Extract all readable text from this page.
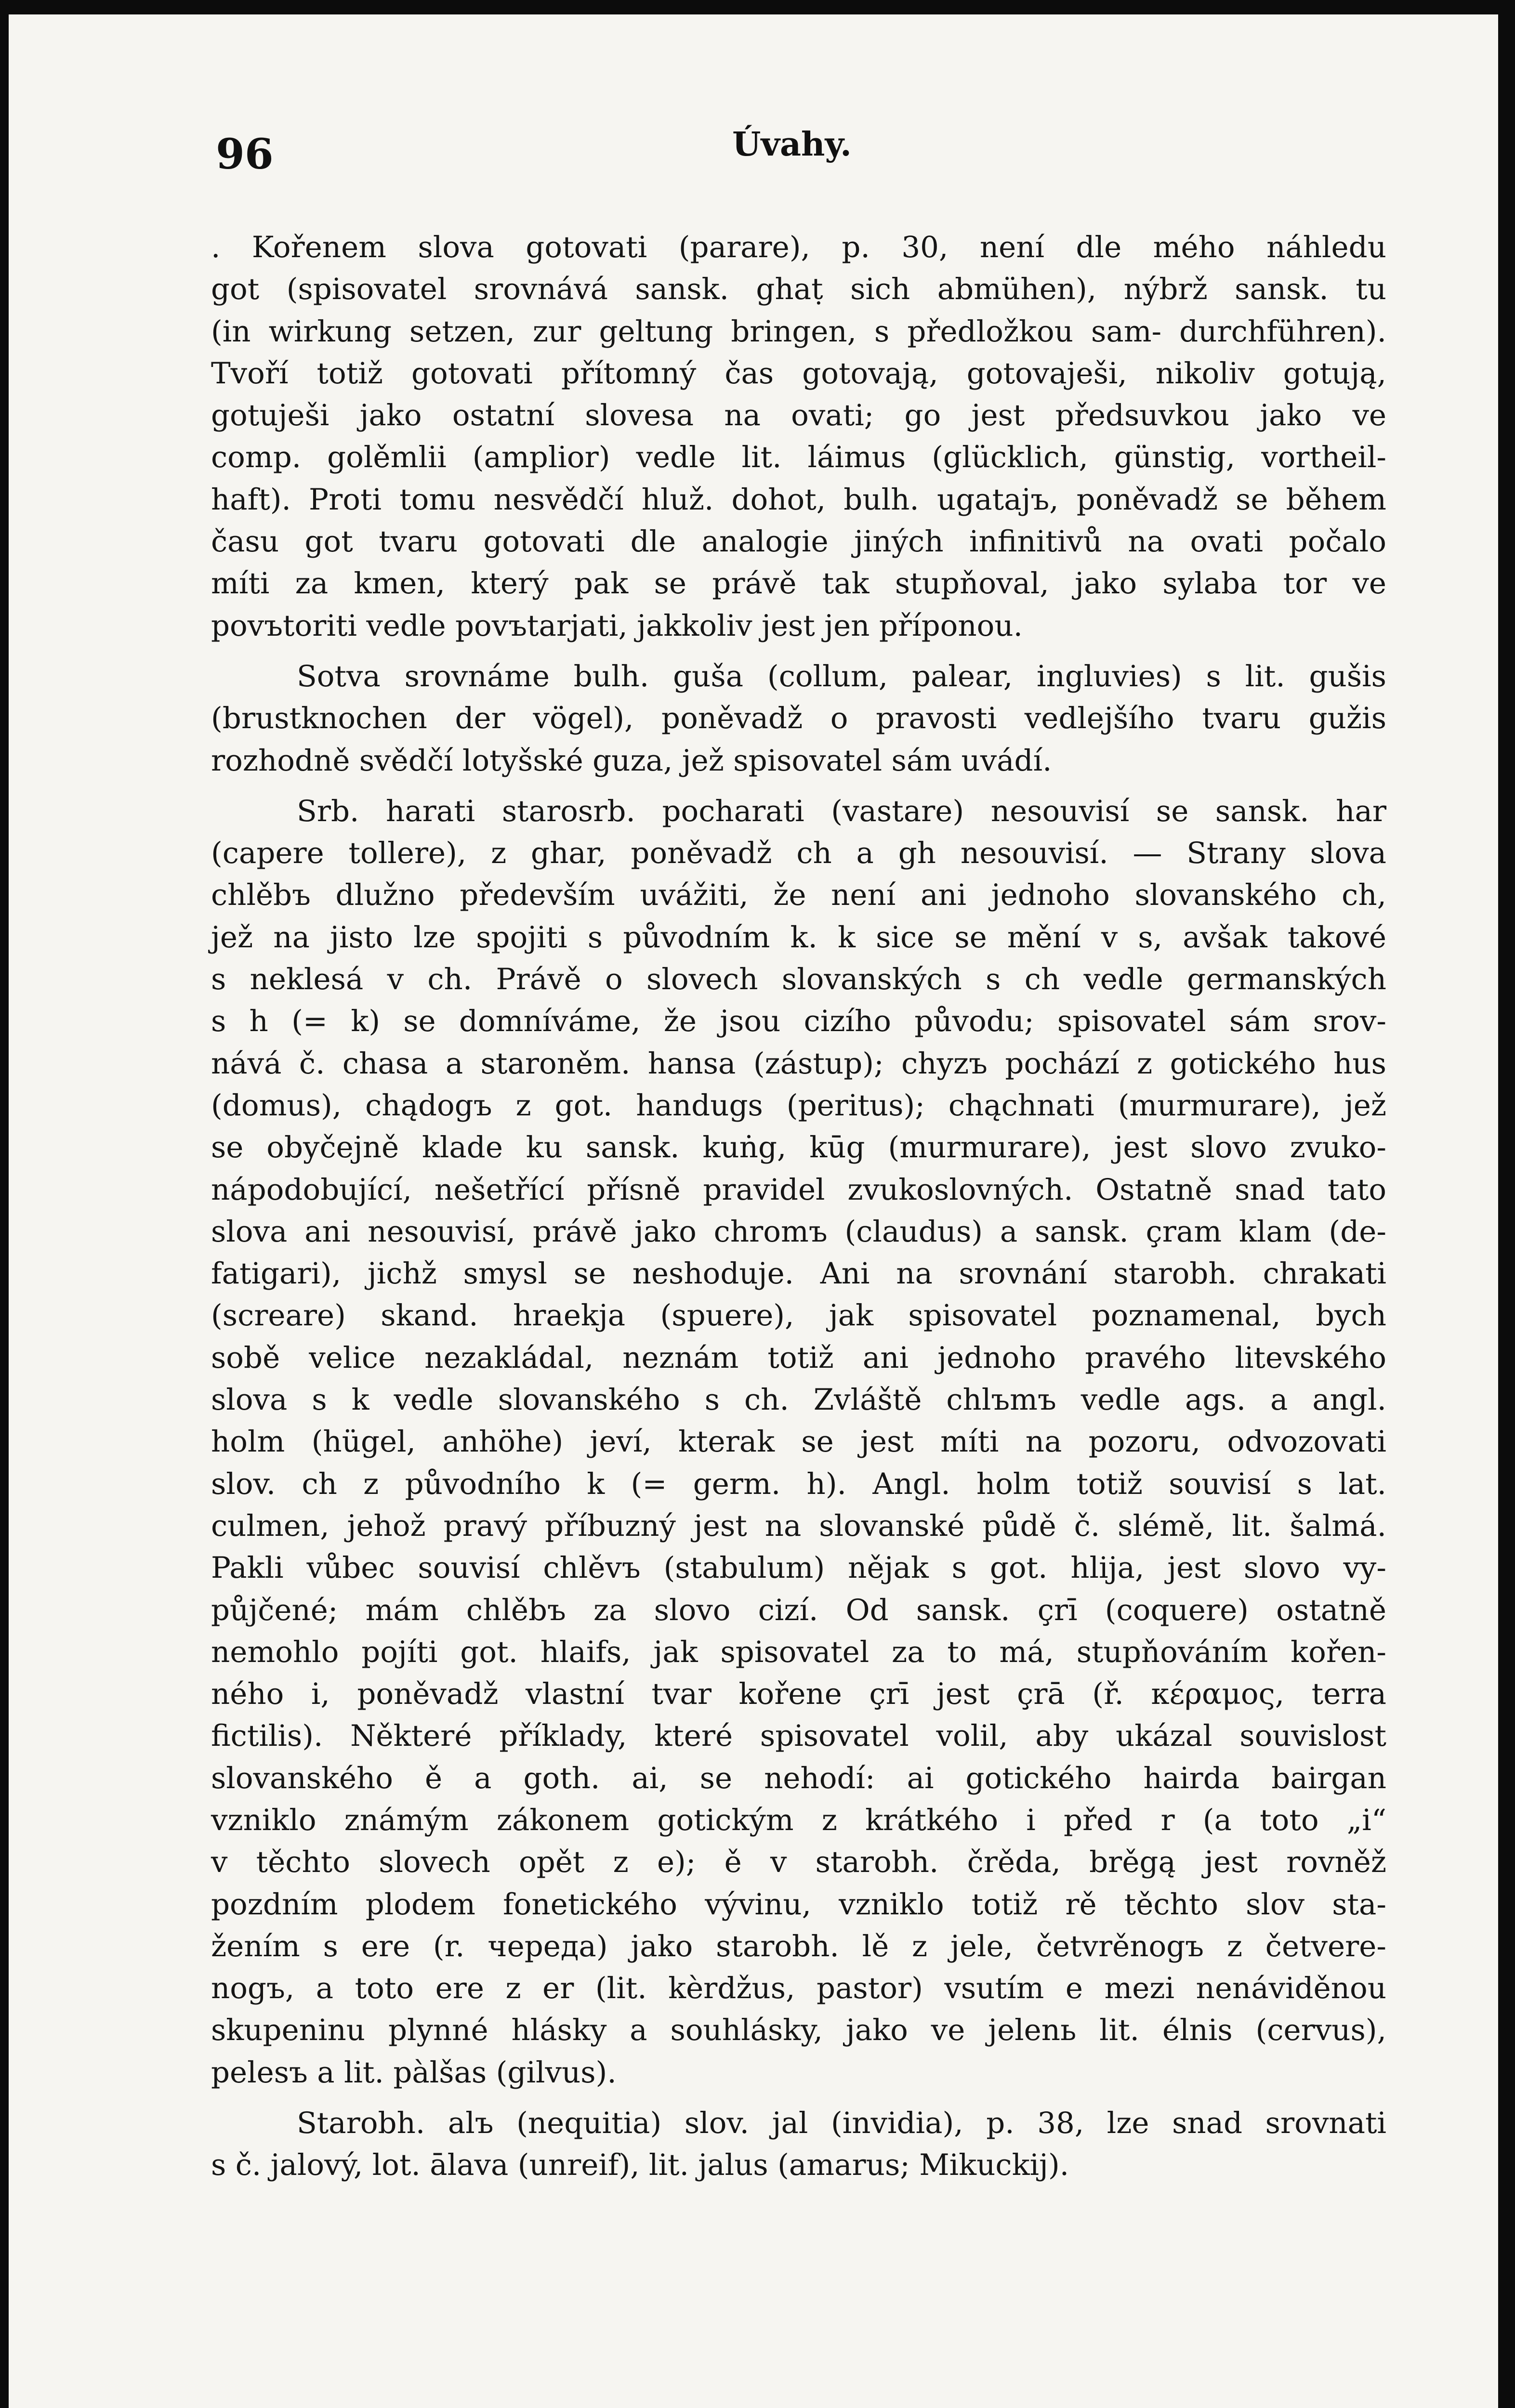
96	Úvahy.
. Kořenem slova gotovati (parare), p. 30, není dle mého náhledu
got (spisovatel srovnává sansk. ghaṭ sich abmühen), nýbrž sansk. tu
(in wirkung setzen, zur geltung bringen, s předložkou sam- durchführen).
Tvoří totiž gotovati přítomný čas gotovają, gotovaješi, nikoliv gotują,
gotuješi jako ostatní slovesa na ovati; go jest předsuvkou jako ve
comp. golěmlii (amplior) vedle lit. láimus (glücklich, günstig, vortheil-
haft). Proti tomu nesvědčí hluž. dohot, bulh. ugatajъ, poněvadž se během
času got tvaru gotovati dle analogie jiných infinitivů na ovati počalo
míti za kmen, který pak se právě tak stupňoval, jako sylaba tor ve
povъtoriti vedle povъtarjati, jakkoliv jest jen příponou.
Sotva srovnáme bulh. guša (collum, palear, ingluvies) s lit. gušis
(brustknochen der vögel), poněvadž o pravosti vedlejšího tvaru gužis
rozhodně svědčí lotyšské guza, jež spisovatel sám uvádí.
Srb. harati starosrb. pocharati (vastare) nesouvisí se sansk. har
(capere tollere), z ghar, poněvadž ch a gh nesouvisí. — Strany slova
chlěbъ dlužno především uvážiti, že není ani jednoho slovanského ch,
jež na jisto lze spojiti s původním k. k sice se mění v s, avšak takové
s neklesá v ch. Právě o slovech slovanských s ch vedle germanských
s h (= k) se domníváme, že jsou cizího původu; spisovatel sám srov-
nává č. chasa a staroněm. hansa (zástup); chyzъ pochází z gotického hus
(domus), chądogъ z got. handugs (peritus); chąchnati (murmurare), jež
se obyčejně klade ku sansk. kuṅg, kūg (murmurare), jest slovo zvuko-
nápodobující, nešetřící přísně pravidel zvukoslovných. Ostatně snad tato
slova ani nesouvisí, právě jako chromъ (claudus) a sansk. çram klam (de-
fatigari), jichž smysl se neshoduje. Ani na srovnání starobh. chrakati
(screare) skand. hraekja (spuere), jak spisovatel poznamenal, bych
sobě velice nezakládal, neznám totiž ani jednoho pravého litevského
slova s k vedle slovanského s ch. Zvláště chlъmъ vedle ags. a angl.
holm (hügel, anhöhe) jeví, kterak se jest míti na pozoru, odvozovati
slov. ch z původního k (= germ. h). Angl. holm totiž souvisí s lat.
culmen, jehož pravý příbuzný jest na slovanské půdě č. slémě, lit. šalmá.
Pakli vůbec souvisí chlěvъ (stabulum) nějak s got. hlija, jest slovo vy-
půjčené; mám chlěbъ za slovo cizí. Od sansk. çrī (coquere) ostatně
nemohlo pojíti got. hlaifs, jak spisovatel za to má, stupňováním kořen-
ného i, poněvadž vlastní tvar kořene çrī jest çrā (ř. κέραμος, terra
fictilis). Některé příklady, které spisovatel volil, aby ukázal souvislost
slovanského ě a goth. ai, se nehodí: ai gotického hairda bairgan
vzniklo známým zákonem gotickým z krátkého i před r (a toto „i“
v těchto slovech opět z e); ě v starobh. črěda, brěgą jest rovněž
pozdním plodem fonetického vývinu, vzniklo totiž rě těchto slov sta-
žením s ere (r. череда) jako starobh. lě z jele, četvrěnogъ z četvere-
nogъ, a toto ere z er (lit. kèrdžus, pastor) vsutím e mezi nenáviděnou
skupeninu plynné hlásky a souhlásky, jako ve jelenь lit. élnis (cervus),
pelesъ a lit. pàlšas (gilvus).
Starobh. alъ (nequitia) slov. jal (invidia), p. 38, lze snad srovnati
s č. jalový, lot. ālava (unreif), lit. jalus (amarus; Mikuckij).
